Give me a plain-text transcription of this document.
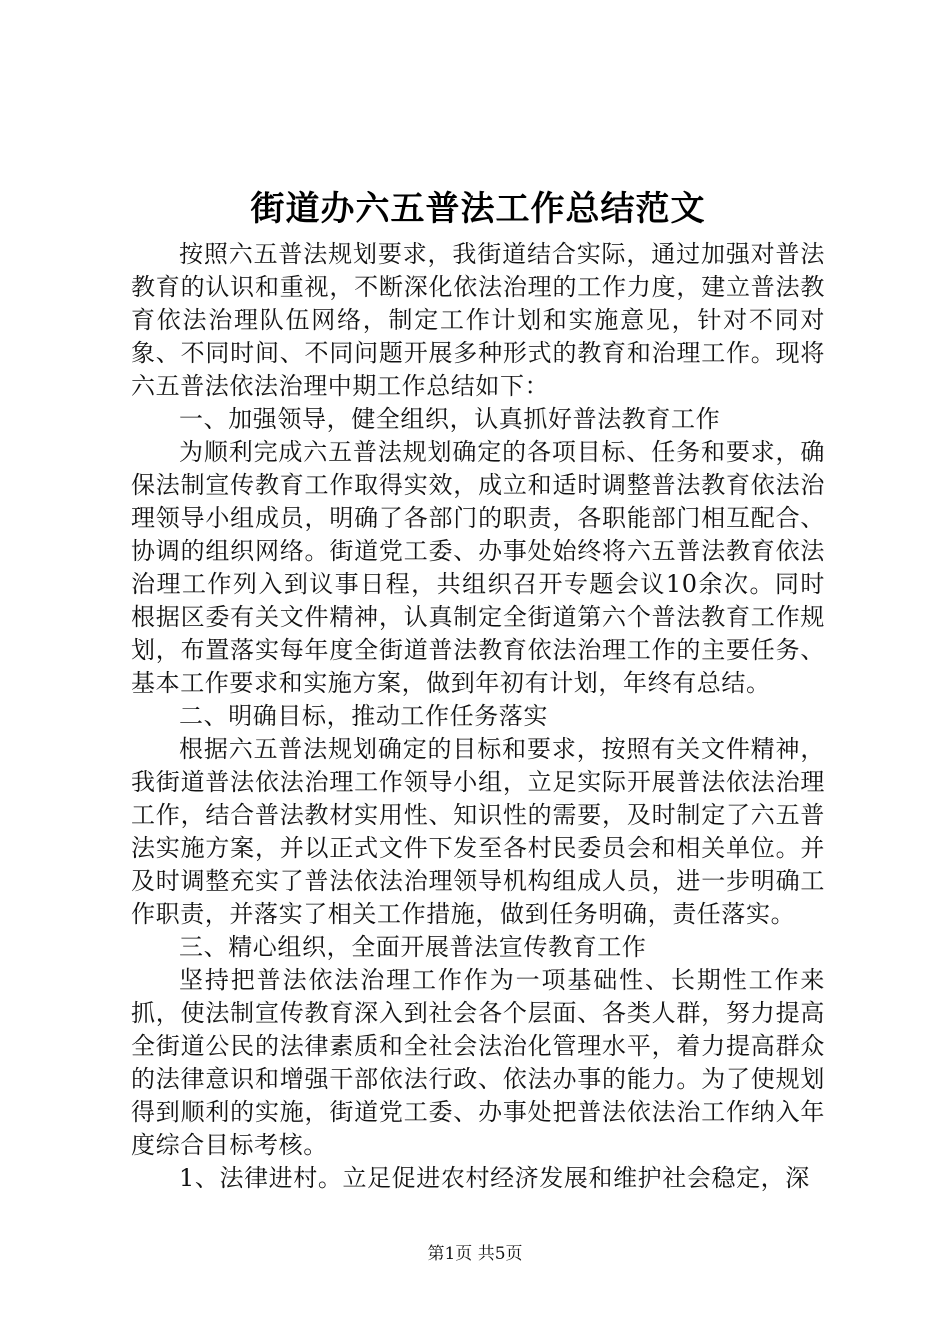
街道办六五普法工作总结范文

按照六五普法规划要求，我街道结合实际，通过加强对普法教育的认识和重视，不断深化依法治理的工作力度，建立普法教育依法治理队伍网络，制定工作计划和实施意见，针对不同对象、不同时间、不同问题开展多种形式的教育和治理工作。现将六五普法依法治理中期工作总结如下：

一、加强领导，健全组织，认真抓好普法教育工作

为顺利完成六五普法规划确定的各项目标、任务和要求，确保法制宣传教育工作取得实效，成立和适时调整普法教育依法治理领导小组成员，明确了各部门的职责，各职能部门相互配合、协调的组织网络。街道党工委、办事处始终将六五普法教育依法治理工作列入到议事日程，共组织召开专题会议10余次。同时根据区委有关文件精神，认真制定全街道第六个普法教育工作规划，布置落实每年度全街道普法教育依法治理工作的主要任务、基本工作要求和实施方案，做到年初有计划，年终有总结。

二、明确目标，推动工作任务落实

根据六五普法规划确定的目标和要求，按照有关文件精神，我街道普法依法治理工作领导小组，立足实际开展普法依法治理工作，结合普法教材实用性、知识性的需要，及时制定了六五普法实施方案，并以正式文件下发至各村民委员会和相关单位。并及时调整充实了普法依法治理领导机构组成人员，进一步明确工作职责，并落实了相关工作措施，做到任务明确，责任落实。

三、精心组织，全面开展普法宣传教育工作

坚持把普法依法治理工作作为一项基础性、长期性工作来抓，使法制宣传教育深入到社会各个层面、各类人群，努力提高全街道公民的法律素质和全社会法治化管理水平，着力提高群众的法律意识和增强干部依法行政、依法办事的能力。为了使规划得到顺利的实施，街道党工委、办事处把普法依法治工作纳入年度综合目标考核。

1、法律进村。立足促进农村经济发展和维护社会稳定，深

第1页 共5页
